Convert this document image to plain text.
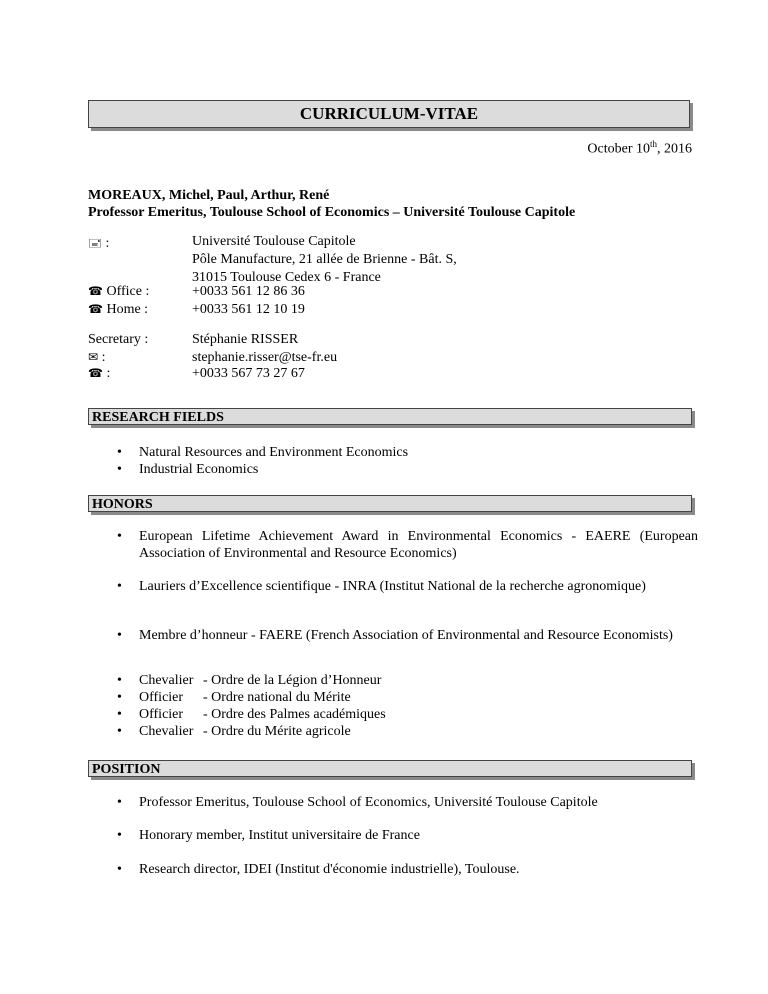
CURRICULUM-VITAE
October 10th, 2016
MOREAUX, Michel, Paul, Arthur, René
Professor Emeritus, Toulouse School of Economics – Université Toulouse Capitole
🖃 :	Université Toulouse Capitole
Pôle Manufacture, 21 allée de Brienne - Bât. S,
31015 Toulouse Cedex 6 - France
☎ Office :	+0033 561 12 86 36
☎ Home :	+0033 561 12 10 19
Secretary :	Stéphanie RISSER
✉ :	stephanie.risser@tse-fr.eu
☎ :	+0033 567 73 27 67
RESEARCH FIELDS
• Natural Resources and Environment Economics
• Industrial Economics
HONORS
• European Lifetime Achievement Award in Environmental Economics - EAERE (European Association of Environmental and Resource Economics)
• Lauriers d’Excellence scientifique - INRA (Institut National de la recherche agronomique)
• Membre d’honneur - FAERE (French Association of Environmental and Resource Economists)
• Chevalier - Ordre de la Légion d’Honneur
• Officier - Ordre national du Mérite
• Officier - Ordre des Palmes académiques
• Chevalier - Ordre du Mérite agricole
POSITION
• Professor Emeritus, Toulouse School of Economics, Université Toulouse Capitole
• Honorary member, Institut universitaire de France
• Research director, IDEI (Institut d'économie industrielle), Toulouse.
